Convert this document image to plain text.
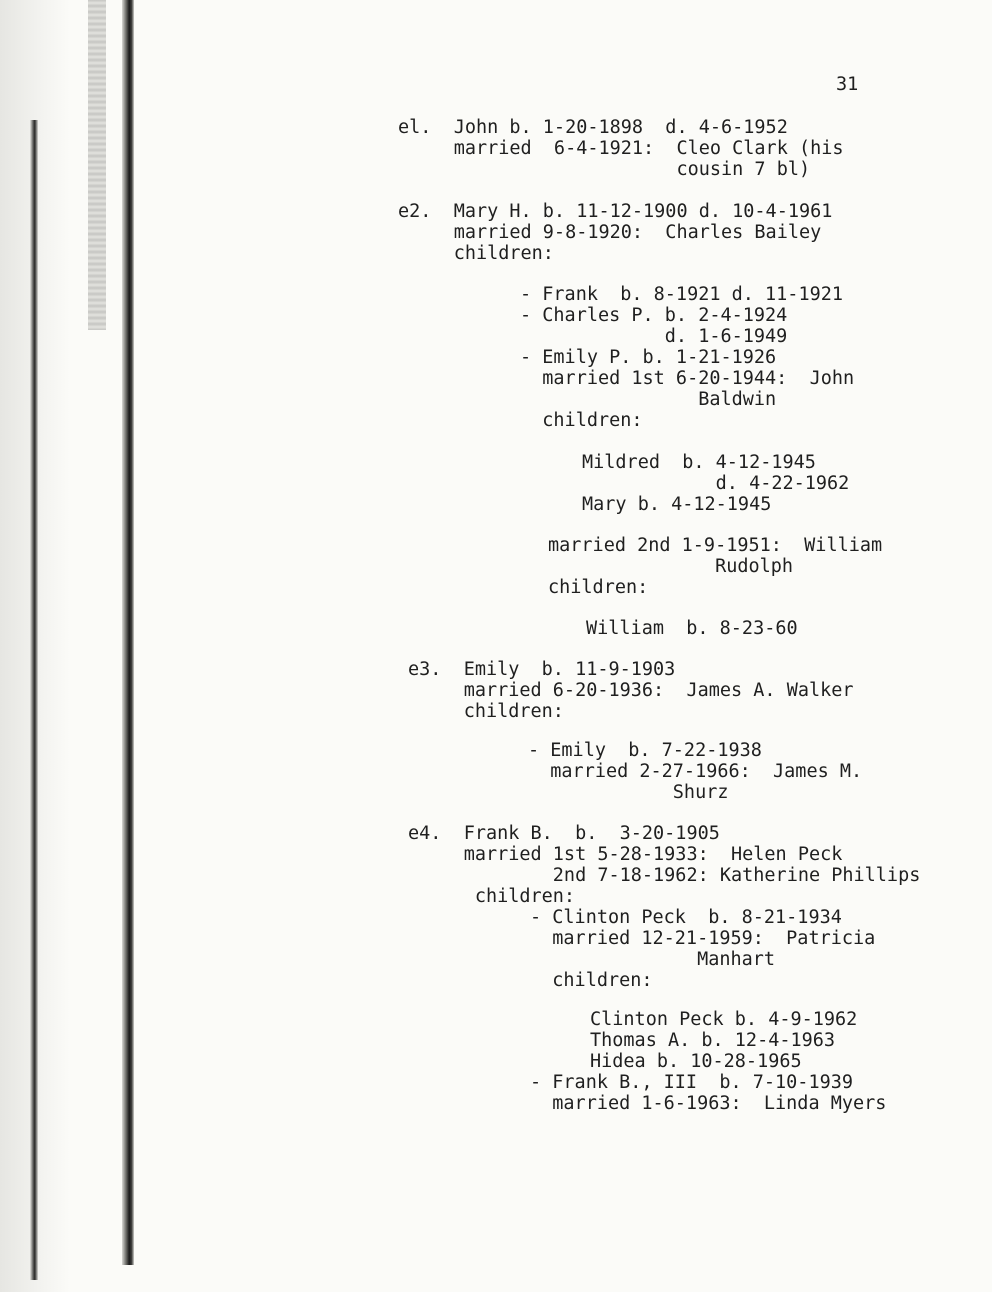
31
el.  John b. 1-20-1898  d. 4-6-1952
married  6-4-1921:  Cleo Clark (his
cousin 7 bl)
e2.  Mary H. b. 11-12-1900 d. 10-4-1961
married 9-8-1920:  Charles Bailey
children:
- Frank  b. 8-1921 d. 11-1921
- Charles P. b. 2-4-1924
d. 1-6-1949
- Emily P. b. 1-21-1926
married 1st 6-20-1944:  John
Baldwin
children:
Mildred  b. 4-12-1945
d. 4-22-1962
Mary b. 4-12-1945
married 2nd 1-9-1951:  William
Rudolph
children:
William  b. 8-23-60
e3.  Emily  b. 11-9-1903
married 6-20-1936:  James A. Walker
children:
- Emily  b. 7-22-1938
married 2-27-1966:  James M.
Shurz
e4.  Frank B.  b.  3-20-1905
married 1st 5-28-1933:  Helen Peck
2nd 7-18-1962: Katherine Phillips
children:
- Clinton Peck  b. 8-21-1934
married 12-21-1959:  Patricia
Manhart
children:
Clinton Peck b. 4-9-1962
Thomas A. b. 12-4-1963
Hidea b. 10-28-1965
- Frank B., III  b. 7-10-1939
married 1-6-1963:  Linda Myers
